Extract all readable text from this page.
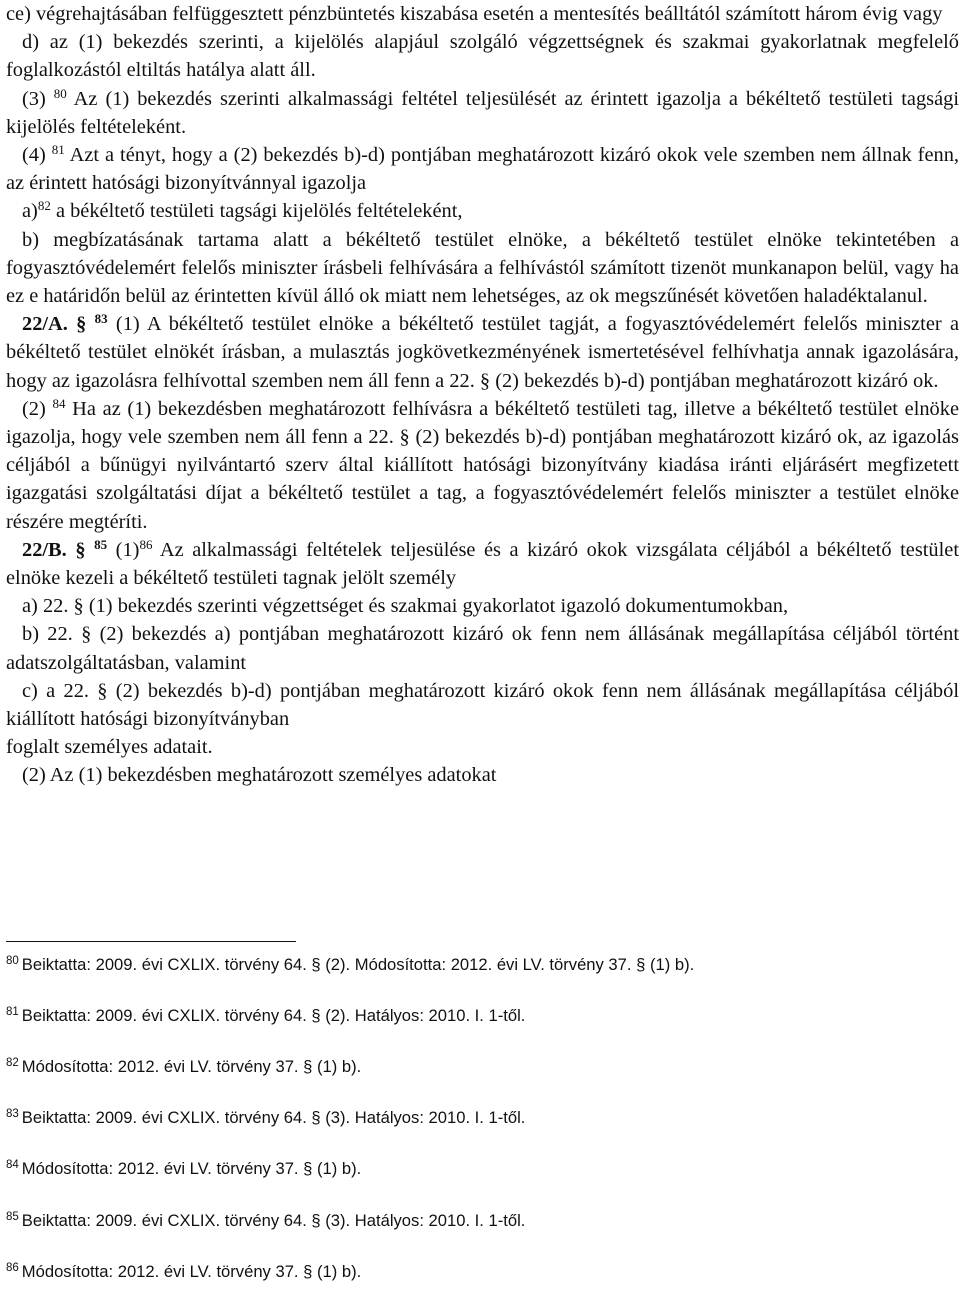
ce) végrehajtásában felfüggesztett pénzbüntetés kiszabása esetén a mentesítés beálltától számított három évig vagy

d) az (1) bekezdés szerinti, a kijelölés alapjául szolgáló végzettségnek és szakmai gyakorlatnak megfelelő foglalkozástól eltiltás hatálya alatt áll.

(3) $^{80}$ Az (1) bekezdés szerinti alkalmassági feltétel teljesülését az érintett igazolja a békéltető testületi tagsági kijelölés feltételeként.

(4) $^{81}$ Azt a tényt, hogy a (2) bekezdés b)-d) pontjában meghatározott kizáró okok vele szemben nem állnak fenn, az érintett hatósági bizonyítvánnyal igazolja

a)$^{82}$ a békéltető testületi tagsági kijelölés feltételeként,

b) megbízatásának tartama alatt a békéltető testület elnöke, a békéltető testület elnöke tekintetében a fogyasztóvédelemért felelős miniszter írásbeli felhívására a felhívástól számított tizenöt munkanapon belül, vagy ha ez e határidőn belül az érintetten kívül álló ok miatt nem lehetséges, az ok megszűnését követően haladéktalanul.

22/A. § $^{83}$ (1) A békéltető testület elnöke a békéltető testület tagját, a fogyasztóvédelemért felelős miniszter a békéltető testület elnökét írásban, a mulasztás jogkövetkezményének ismertetésével felhívhatja annak igazolására, hogy az igazolásra felhívottal szemben nem áll fenn a 22. § (2) bekezdés b)-d) pontjában meghatározott kizáró ok.

(2) $^{84}$ Ha az (1) bekezdésben meghatározott felhívásra a békéltető testületi tag, illetve a békéltető testület elnöke igazolja, hogy vele szemben nem áll fenn a 22. § (2) bekezdés b)-d) pontjában meghatározott kizáró ok, az igazolás céljából a bűnügyi nyilvántartó szerv által kiállított hatósági bizonyítvány kiadása iránti eljárásért megfizetett igazgatási szolgáltatási díjat a békéltető testület a tag, a fogyasztóvédelemért felelős miniszter a testület elnöke részére megtéríti.

22/B. § $^{85}$ $(1)^{86}$ Az alkalmassági feltételek teljesülése és a kizáró okok vizsgálata céljából a békéltető testület elnöke kezeli a békéltető testületi tagnak jelölt személy

a) 22. § (1) bekezdés szerinti végzettséget és szakmai gyakorlatot igazoló dokumentumokban,

b) 22. § (2) bekezdés a) pontjában meghatározott kizáró ok fenn nem állásának megállapítása céljából történt adatszolgáltatásban, valamint

c) a 22. § (2) bekezdés b)-d) pontjában meghatározott kizáró okok fenn nem állásának megállapítása céljából kiállított hatósági bizonyítványban

foglalt személyes adatait.

(2) Az (1) bekezdésben meghatározott személyes adatokat

$^{80}$ Beiktatta: 2009. évi CXLIX. törvény 64. § (2). Módosította: 2012. évi LV. törvény 37. § (1) b).
$^{81}$ Beiktatta: 2009. évi CXLIX. törvény 64. § (2). Hatályos: 2010. I. 1-től.
$^{82}$ Módosította: 2012. évi LV. törvény 37. § (1) b).
$^{83}$ Beiktatta: 2009. évi CXLIX. törvény 64. § (3). Hatályos: 2010. I. 1-től.
$^{84}$ Módosította: 2012. évi LV. törvény 37. § (1) b).
$^{85}$ Beiktatta: 2009. évi CXLIX. törvény 64. § (3). Hatályos: 2010. I. 1-től.
$^{86}$ Módosította: 2012. évi LV. törvény 37. § (1) b).
